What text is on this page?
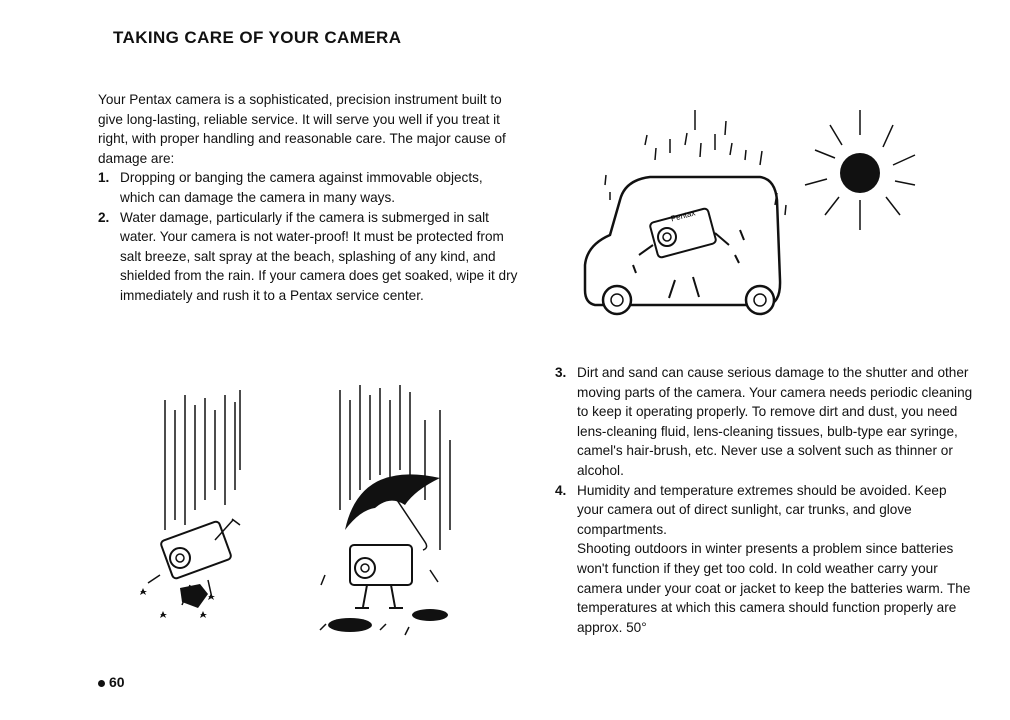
TAKING CARE OF YOUR CAMERA

Your Pentax camera is a sophisticated, precision instrument built to give long-lasting, reliable service. It will serve you well if you treat it right, with proper handling and reasonable care. The major cause of damage are:

1. Dropping or banging the camera against immovable objects, which can damage the camera in many ways.
2. Water damage, particularly if the camera is submerged in salt water. Your camera is not water-proof! It must be protected from salt breeze, salt spray at the beach, splashing of any kind, and shielded from the rain. If your camera does get soaked, wipe it dry immediately and rush it to a Pentax service center.
3. Dirt and sand can cause serious damage to the shutter and other moving parts of the camera. Your camera needs periodic cleaning to keep it operating properly. To remove dirt and dust, you need lens-cleaning fluid, lens-cleaning tissues, bulb-type ear syringe, camel's hair-brush, etc. Never use a solvent such as thinner or alcohol.
4. Humidity and temperature extremes should be avoided. Keep your camera out of direct sunlight, car trunks, and glove compartments.

Shooting outdoors in winter presents a problem since batteries won't function if they get too cold. In cold weather carry your camera under your coat or jacket to keep the batteries warm. The temperatures at which this camera should function properly are approx. 50°

Pentax
60
